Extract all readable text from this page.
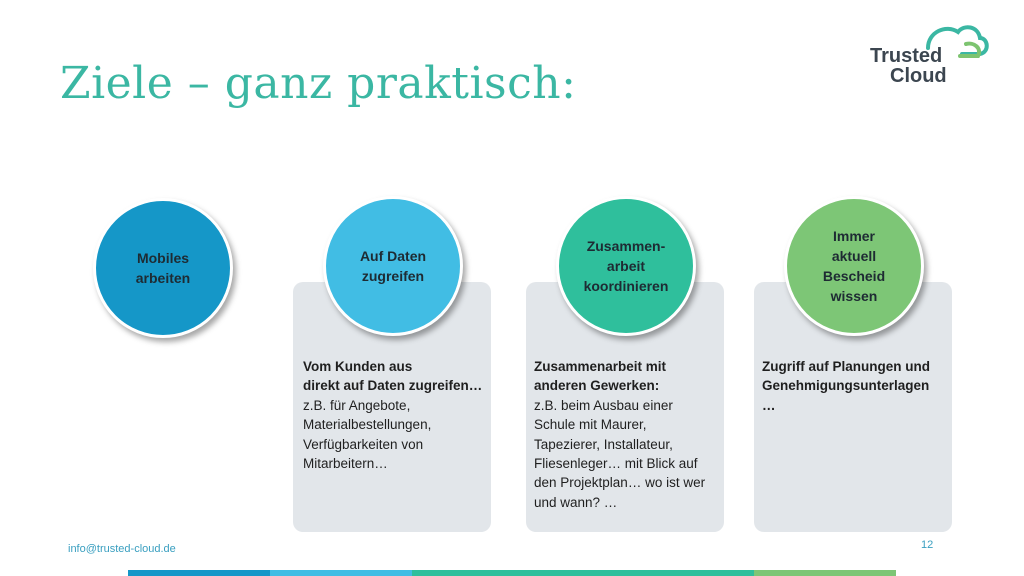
Ziele – ganz praktisch:
Trusted
Cloud
Vom Kunden aus
direkt auf Daten zugreifen…
z.B. für Angebote,
Materialbestellungen,
Verfügbarkeiten von
Mitarbeitern…
Zusammenarbeit mit
anderen Gewerken:
z.B. beim Ausbau einer
Schule mit Maurer,
Tapezierer, Installateur,
Fliesenleger… mit Blick auf
den Projektplan… wo ist wer
und wann? …
Zugriff auf Planungen und
Genehmigungsunterlagen …
Mobiles
arbeiten
Auf Daten
zugreifen
Zusammen-
arbeit
koordinieren
Immer
aktuell
Bescheid
wissen
info@trusted-cloud.de	12
